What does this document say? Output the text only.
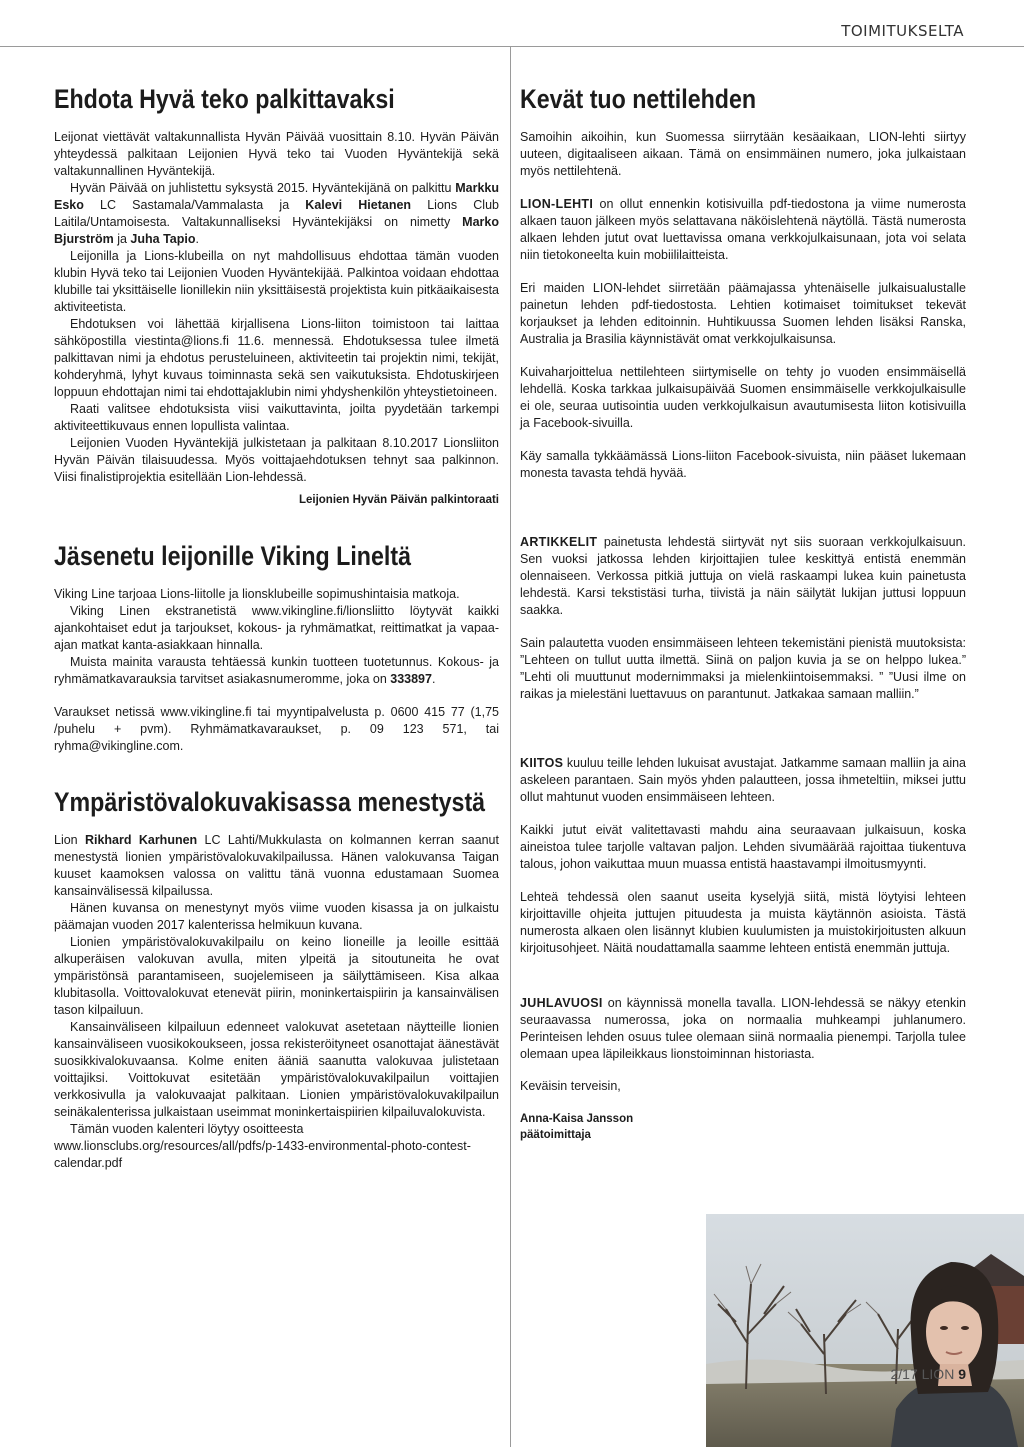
TOIMITUKSELTA
Ehdota Hyvä teko palkittavaksi

Leijonat viettävät valtakunnallista Hyvän Päivää vuosittain 8.10. Hyvän Päivän yhteydessä palkitaan Leijonien Hyvä teko tai Vuoden Hyväntekijä sekä valtakunnallinen Hyväntekijä.

Hyvän Päivää on juhlistettu syksystä 2015. Hyväntekijänä on palkittu Markku Esko LC Sastamala/Vammalasta ja Kalevi Hietanen Lions Club Laitila/Untamoisesta. Valtakunnalliseksi Hyväntekijäksi on nimetty Marko Bjurström ja Juha Tapio.

Leijonilla ja Lions-klubeilla on nyt mahdollisuus ehdottaa tämän vuoden klubin Hyvä teko tai Leijonien Vuoden Hyväntekijää. Palkintoa voidaan ehdottaa klubille tai yksittäiselle lionillekin niin yksittäisestä projektista kuin pitkäaikaisesta aktiviteetista.

Ehdotuksen voi lähettää kirjallisena Lions-liiton toimistoon tai laittaa sähköpostilla viestinta@lions.fi 11.6. mennessä. Ehdotuksessa tulee ilmetä palkittavan nimi ja ehdotus perusteluineen, aktiviteetin tai projektin nimi, tekijät, kohderyhmä, lyhyt kuvaus toiminnasta sekä sen vaikutuksista. Ehdotuskirjeen loppuun ehdottajan nimi tai ehdottajaklubin nimi yhdyshenkilön yhteystietoineen.

Raati valitsee ehdotuksista viisi vaikuttavinta, joilta pyydetään tarkempi aktiviteettikuvaus ennen lopullista valintaa.

Leijonien Vuoden Hyväntekijä julkistetaan ja palkitaan 8.10.2017 Lionsliiton Hyvän Päivän tilaisuudessa. Myös voittajaehdotuksen tehnyt saa palkinnon. Viisi finalistiprojektia esitellään Lion-lehdessä.

Leijonien Hyvän Päivän palkintoraati
Jäsenetu leijonille Viking Lineltä

Viking Line tarjoaa Lions-liitolle ja lionsklubeille sopimushintaisia matkoja.

Viking Linen ekstranetistä www.vikingline.fi/lionsliitto löytyvät kaikki ajankohtaiset edut ja tarjoukset, kokous- ja ryhmämatkat, reittimatkat ja vapaa-ajan matkat kanta-asiakkaan hinnalla.

Muista mainita varausta tehtäessä kunkin tuotteen tuotetunnus. Kokous- ja ryhmämatkavarauksia tarvitset asiakasnumeromme, joka on 333897.

Varaukset netissä www.vikingline.fi tai myyntipalvelusta p. 0600 415 77 (1,75 /puhelu + pvm). Ryhmämatkavaraukset, p. 09 123 571, tai ryhma@vikingline.com.

Ympäristövalokuvakisassa menestystä

Lion Rikhard Karhunen LC Lahti/Mukkulasta on kolmannen kerran saanut menestystä lionien ympäristövalokuvakilpailussa. Hänen valokuvansa Taigan kuuset kaamoksen valossa on valittu tänä vuonna edustamaan Suomea kansainvälisessä kilpailussa.

Hänen kuvansa on menestynyt myös viime vuoden kisassa ja on julkaistu päämajan vuoden 2017 kalenterissa helmikuun kuvana.

Lionien ympäristövalokuvakilpailu on keino lioneille ja leoille esittää alkuperäisen valokuvan avulla, miten ylpeitä ja sitoutuneita he ovat ympäristönsä parantamiseen, suojelemiseen ja säilyttämiseen. Kisa alkaa klubitasolla. Voittovalokuvat etenevät piirin, moninkertaispiirin ja kansainvälisen tason kilpailuun.

Kansainväliseen kilpailuun edenneet valokuvat asetetaan näytteille lionien kansainväliseen vuosikokoukseen, jossa rekisteröityneet osanottajat äänestävät suosikkivalokuvaansa. Kolme eniten ääniä saanutta valokuvaa julistetaan voittajiksi. Voittokuvat esitetään ympäristövalokuvakilpailun voittajien verkkosivulla ja valokuvaajat palkitaan. Lionien ympäristövalokuvakilpailun seinäkalenterissa julkaistaan useimmat moninkertaispiirien kilpailuvalokuvista.

Tämän vuoden kalenteri löytyy osoitteesta www.lionsclubs.org/resources/all/pdfs/p-1433-environmental-photo-contest-calendar.pdf

Kevät tuo nettilehden

Samoihin aikoihin, kun Suomessa siirrytään kesäaikaan, LION-lehti siirtyy uuteen, digitaaliseen aikaan. Tämä on ensimmäinen numero, joka julkaistaan myös nettilehtenä.

LION-LEHTI on ollut ennenkin kotisivuilla pdf-tiedostona ja viime numerosta alkaen tauon jälkeen myös selattavana näköislehtenä näytöllä. Tästä numerosta alkaen lehden jutut ovat luettavissa omana verkkojulkaisunaan, jota voi selata niin tietokoneelta kuin mobiililaitteista.

Eri maiden LION-lehdet siirretään päämajassa yhtenäiselle julkaisualustalle painetun lehden pdf-tiedostosta. Lehtien kotimaiset toimitukset tekevät korjaukset ja lehden editoinnin. Huhtikuussa Suomen lehden lisäksi Ranska, Australia ja Brasilia käynnistävät omat verkkojulkaisunsa.

Kuivaharjoittelua nettilehteen siirtymiselle on tehty jo vuoden ensimmäisellä lehdellä. Koska tarkkaa julkaisupäivää Suomen ensimmäiselle verkkojulkaisulle ei ole, seuraa uutisointia uuden verkkojulkaisun avautumisesta liiton kotisivuilla ja Facebook-sivuilla.

Käy samalla tykkäämässä Lions-liiton Facebook-sivuista, niin pääset lukemaan monesta tavasta tehdä hyvää.

ARTIKKELIT painetusta lehdestä siirtyvät nyt siis suoraan verkkojulkaisuun. Sen vuoksi jatkossa lehden kirjoittajien tulee keskittyä entistä enemmän olennaiseen. Verkossa pitkiä juttuja on vielä raskaampi lukea kuin painetusta lehdestä. Karsi tekstistäsi turha, tiivistä ja näin säilytät lukijan juttusi loppuun saakka.

Sain palautetta vuoden ensimmäiseen lehteen tekemistäni pienistä muutoksista: ”Lehteen on tullut uutta ilmettä. Siinä on paljon kuvia ja se on helppo lukea.” ”Lehti oli muuttunut modernimmaksi ja mielenkiintoisemmaksi. ” ”Uusi ilme on raikas ja mielestäni luettavuus on parantunut. Jatkakaa samaan malliin.”

KIITOS kuuluu teille lehden lukuisat avustajat. Jatkamme samaan malliin ja aina askeleen parantaen. Sain myös yhden palautteen, jossa ihmeteltiin, miksei juttu ollut mahtunut vuoden ensimmäiseen lehteen.

Kaikki jutut eivät valitettavasti mahdu aina seuraavaan julkaisuun, koska aineistoa tulee tarjolle valtavan paljon. Lehden sivumäärää rajoittaa tiukentuva talous, johon vaikuttaa muun muassa entistä haastavampi ilmoitusmyynti.

Lehteä tehdessä olen saanut useita kyselyjä siitä, mistä löytyisi lehteen kirjoittaville ohjeita juttujen pituudesta ja muista käytännön asioista. Tästä numerosta alkaen olen lisännyt klubien kuulumisten ja muistokirjoitusten alkuun kirjoitusohjeet. Näitä noudattamalla saamme lehteen entistä enemmän juttuja.

JUHLAVUOSI on käynnissä monella tavalla. LION-lehdessä se näkyy etenkin seuraavassa numerossa, joka on normaalia muhkeampi juhlanumero. Perinteisen lehden osuus tulee olemaan siinä normaalia pienempi. Tarjolla tulee olemaan upea läpileikkaus lionstoiminnan historiasta.

Keväisin terveisin,
Anna-Kaisa Jansson
päätoimittaja
2/17 LION 9
